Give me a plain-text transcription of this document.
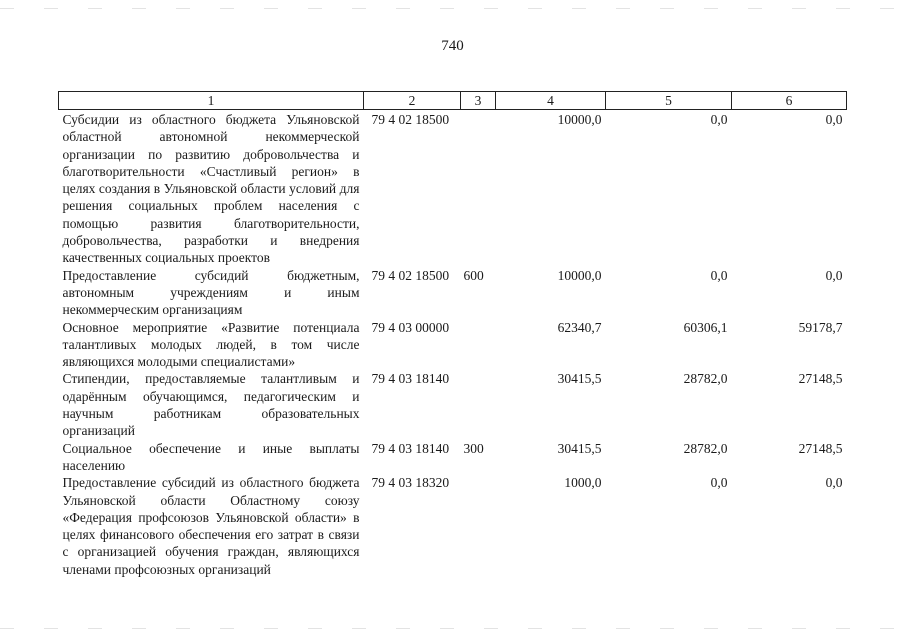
740
1	2	3	4	5	6
Субсидии из областного бюджета Ульяновской областной автономной некоммерческой организации по развитию добровольчества и благотворительности «Счастливый регион» в целях создания в Ульяновской области условий для решения социальных проблем населения с помощью развития благотворительности, добровольчества, разработки и внедрения качественных социальных проектов	79 4 02 18500		10000,0	0,0	0,0
Предоставление субсидий бюджетным, автономным учреждениям и иным некоммерческим организациям	79 4 02 18500	600	10000,0	0,0	0,0
Основное мероприятие «Развитие потенциала талантливых молодых людей, в том числе являющихся молодыми специалистами»	79 4 03 00000		62340,7	60306,1	59178,7
Стипендии, предоставляемые талантливым и одарённым обучающимся, педагогическим и научным работникам образовательных организаций	79 4 03 18140		30415,5	28782,0	27148,5
Социальное обеспечение и иные выплаты населению	79 4 03 18140	300	30415,5	28782,0	27148,5
Предоставление субсидий из областного бюджета Ульяновской области Областному союзу «Федерация профсоюзов Ульяновской области» в целях финансового обеспечения его затрат в связи с организацией обучения граждан, являющихся членами профсоюзных организаций	79 4 03 18320		1000,0	0,0	0,0
